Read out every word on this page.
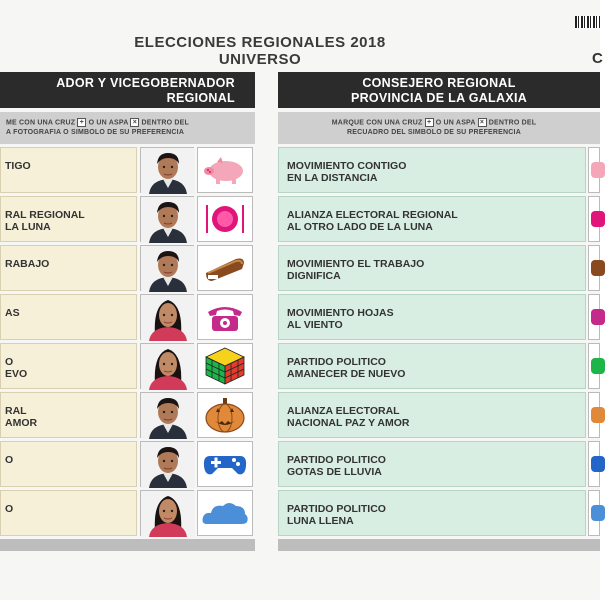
C
ELECCIONES REGIONALES 2018
UNIVERSO
ADOR Y VICEGOBERNADOR
REGIONAL
ME CON UNA CRUZ + O UN ASPA × DENTRO DEL
A FOTOGRAFIA O SIMBOLO DE SU PREFERENCIA
TIGO
RAL REGIONAL
LA LUNA
RABAJO
AS
O
EVO
RAL
AMOR
O
O
CONSEJERO REGIONAL
PROVINCIA DE LA GALAXIA
MARQUE CON UNA CRUZ + O UN ASPA × DENTRO DEL
RECUADRO DEL SIMBOLO DE SU PREFERENCIA
MOVIMIENTO CONTIGO
EN LA DISTANCIA
ALIANZA ELECTORAL REGIONAL
AL OTRO LADO DE LA LUNA
MOVIMIENTO EL TRABAJO
DIGNIFICA
MOVIMIENTO HOJAS
AL VIENTO
PARTIDO POLITICO
AMANECER DE NUEVO
ALIANZA ELECTORAL
NACIONAL PAZ Y AMOR
PARTIDO POLITICO
GOTAS DE LLUVIA
PARTIDO POLITICO
LUNA LLENA
